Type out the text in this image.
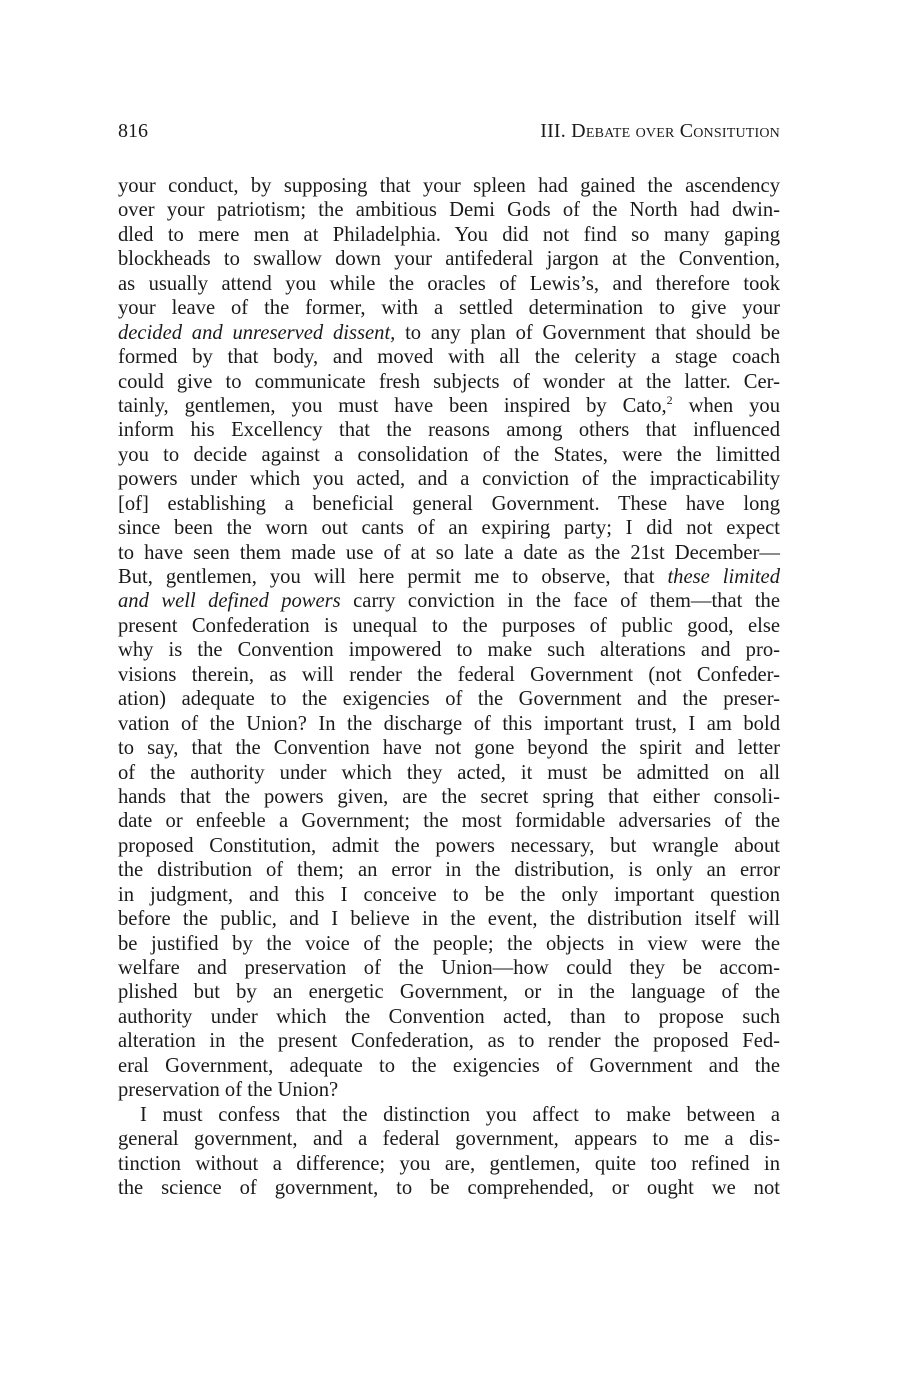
816	III. Debate over Consitution
your conduct, by supposing that your spleen had gained the ascendency
over your patriotism; the ambitious Demi Gods of the North had dwin-
dled to mere men at Philadelphia. You did not find so many gaping
blockheads to swallow down your antifederal jargon at the Convention,
as usually attend you while the oracles of Lewis’s, and therefore took
your leave of the former, with a settled determination to give your
decided and unreserved dissent, to any plan of Government that should be
formed by that body, and moved with all the celerity a stage coach
could give to communicate fresh subjects of wonder at the latter. Cer-
tainly, gentlemen, you must have been inspired by Cato,$^2$ when you
inform his Excellency that the reasons among others that influenced
you to decide against a consolidation of the States, were the limitted
powers under which you acted, and a conviction of the impracticability
[of] establishing a beneficial general Government. These have long
since been the worn out cants of an expiring party; I did not expect
to have seen them made use of at so late a date as the 21st December—
But, gentlemen, you will here permit me to observe, that these limited
and well defined powers carry conviction in the face of them—that the
present Confederation is unequal to the purposes of public good, else
why is the Convention impowered to make such alterations and pro-
visions therein, as will render the federal Government (not Confeder-
ation) adequate to the exigencies of the Government and the preser-
vation of the Union? In the discharge of this important trust, I am bold
to say, that the Convention have not gone beyond the spirit and letter
of the authority under which they acted, it must be admitted on all
hands that the powers given, are the secret spring that either consoli-
date or enfeeble a Government; the most formidable adversaries of the
proposed Constitution, admit the powers necessary, but wrangle about
the distribution of them; an error in the distribution, is only an error
in judgment, and this I conceive to be the only important question
before the public, and I believe in the event, the distribution itself will
be justified by the voice of the people; the objects in view were the
welfare and preservation of the Union—how could they be accom-
plished but by an energetic Government, or in the language of the
authority under which the Convention acted, than to propose such
alteration in the present Confederation, as to render the proposed Fed-
eral Government, adequate to the exigencies of Government and the
preservation of the Union?
I must confess that the distinction you affect to make between a
general government, and a federal government, appears to me a dis-
tinction without a difference; you are, gentlemen, quite too refined in
the science of government, to be comprehended, or ought we not
